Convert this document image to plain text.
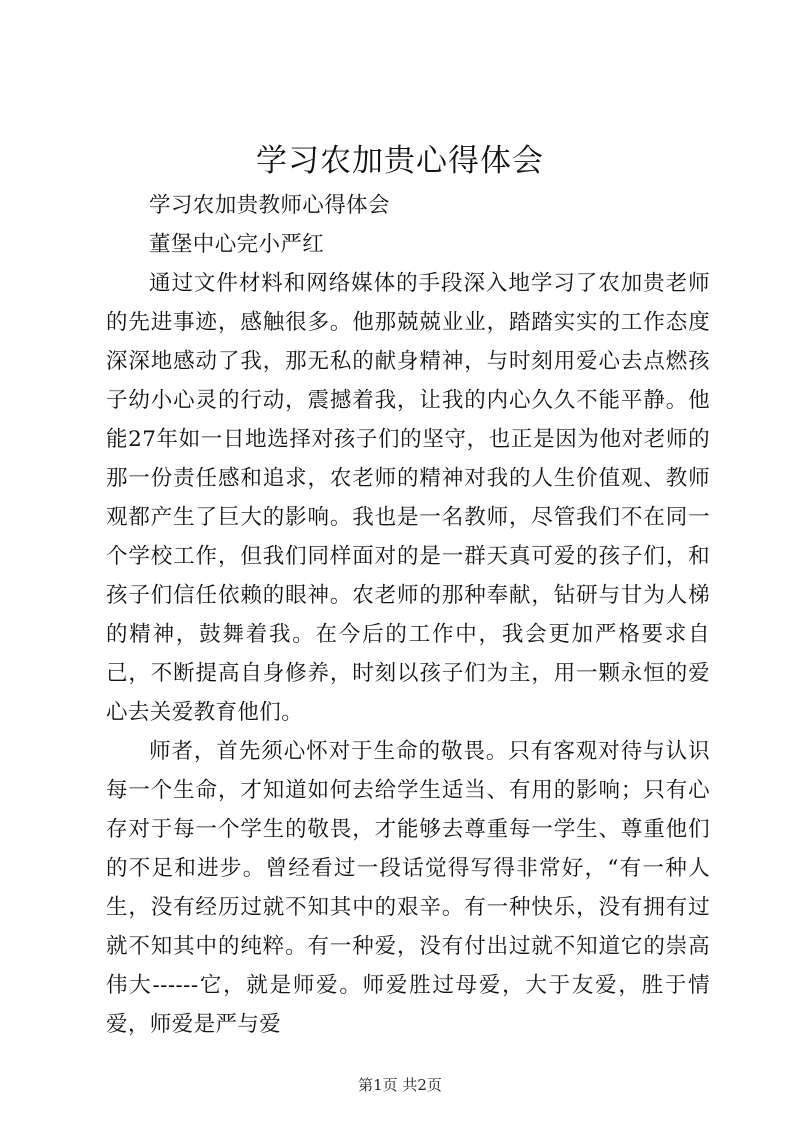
学习农加贵心得体会

学习农加贵教师心得体会

董堡中心完小严红

通过文件材料和网络媒体的手段深入地学习了农加贵老师的先进事迹，感触很多。他那兢兢业业，踏踏实实的工作态度深深地感动了我，那无私的献身精神，与时刻用爱心去点燃孩子幼小心灵的行动，震撼着我，让我的内心久久不能平静。他能27年如一日地选择对孩子们的坚守，也正是因为他对老师的那一份责任感和追求，农老师的精神对我的人生价值观、教师观都产生了巨大的影响。我也是一名教师，尽管我们不在同一个学校工作，但我们同样面对的是一群天真可爱的孩子们，和孩子们信任依赖的眼神。农老师的那种奉献，钻研与甘为人梯的精神，鼓舞着我。在今后的工作中，我会更加严格要求自己，不断提高自身修养，时刻以孩子们为主，用一颗永恒的爱心去关爱教育他们。

师者，首先须心怀对于生命的敬畏。只有客观对待与认识每一个生命，才知道如何去给学生适当、有用的影响；只有心存对于每一个学生的敬畏，才能够去尊重每一学生、尊重他们的不足和进步。曾经看过一段话觉得写得非常好，“有一种人生，没有经历过就不知其中的艰辛。有一种快乐，没有拥有过就不知其中的纯粹。有一种爱，没有付出过就不知道它的崇高伟大------它，就是师爱。师爱胜过母爱，大于友爱，胜于情爱，师爱是严与爱

第1页 共2页
